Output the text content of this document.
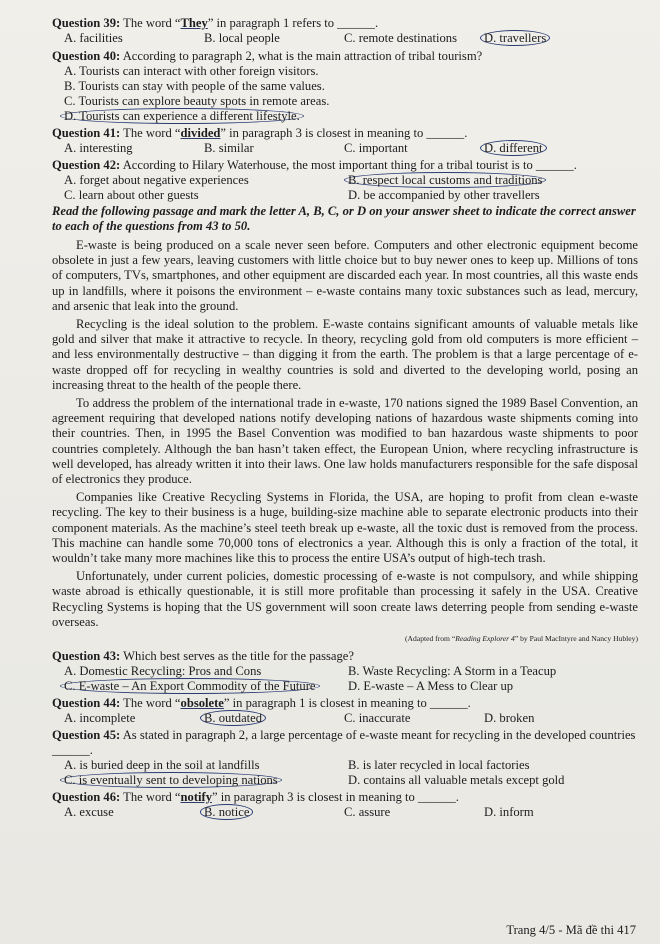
Question 39: The word “They” in paragraph 1 refers to ______.

A. facilities	B. local people	C. remote destinations	D. travellers

Question 40: According to paragraph 2, what is the main attraction of tribal tourism?

A. Tourists can interact with other foreign visitors.
B. Tourists can stay with people of the same values.
C. Tourists can explore beauty spots in remote areas.
D. Tourists can experience a different lifestyle.

Question 41: The word “divided” in paragraph 3 is closest in meaning to ______.

A. interesting	B. similar	C. important	D. different

Question 42: According to Hilary Waterhouse, the most important thing for a tribal tourist is to ______.

A. forget about negative experiences	B. respect local customs and traditions
C. learn about other guests	D. be accompanied by other travellers

Read the following passage and mark the letter A, B, C, or D on your answer sheet to indicate the correct answer to each of the questions from 43 to 50.

E-waste is being produced on a scale never seen before. Computers and other electronic equipment become obsolete in just a few years, leaving customers with little choice but to buy newer ones to keep up. Millions of tons of computers, TVs, smartphones, and other equipment are discarded each year. In most countries, all this waste ends up in landfills, where it poisons the environment – e-waste contains many toxic substances such as lead, mercury, and arsenic that leak into the ground.

Recycling is the ideal solution to the problem. E-waste contains significant amounts of valuable metals like gold and silver that make it attractive to recycle. In theory, recycling gold from old computers is more efficient – and less environmentally destructive – than digging it from the earth. The problem is that a large percentage of e-waste dropped off for recycling in wealthy countries is sold and diverted to the developing world, posing an increasing threat to the health of the people there.

To address the problem of the international trade in e-waste, 170 nations signed the 1989 Basel Convention, an agreement requiring that developed nations notify developing nations of hazardous waste shipments coming into their countries. Then, in 1995 the Basel Convention was modified to ban hazardous waste shipments to poor countries completely. Although the ban hasn’t taken effect, the European Union, where recycling infrastructure is well developed, has already written it into their laws. One law holds manufacturers responsible for the safe disposal of electronics they produce.

Companies like Creative Recycling Systems in Florida, the USA, are hoping to profit from clean e-waste recycling. The key to their business is a huge, building-size machine able to separate electronic products into their component materials. As the machine’s steel teeth break up e-waste, all the toxic dust is removed from the process. This machine can handle some 70,000 tons of electronics a year. Although this is only a fraction of the total, it wouldn’t take many more machines like this to process the entire USA’s output of high-tech trash.

Unfortunately, under current policies, domestic processing of e-waste is not compulsory, and while shipping waste abroad is ethically questionable, it is still more profitable than processing it safely in the USA. Creative Recycling Systems is hoping that the US government will soon create laws deterring people from sending e-waste overseas.

(Adapted from “Reading Explorer 4” by Paul MacIntyre and Nancy Hubley)

Question 43: Which best serves as the title for the passage?

A. Domestic Recycling: Pros and Cons	B. Waste Recycling: A Storm in a Teacup
C. E-waste – An Export Commodity of the Future	D. E-waste – A Mess to Clear up

Question 44: The word “obsolete” in paragraph 1 is closest in meaning to ______.

A. incomplete	B. outdated	C. inaccurate	D. broken

Question 45: As stated in paragraph 2, a large percentage of e-waste meant for recycling in the developed countries ______.

A. is buried deep in the soil at landfills	B. is later recycled in local factories
C. is eventually sent to developing nations	D. contains all valuable metals except gold

Question 46: The word “notify” in paragraph 3 is closest in meaning to ______.

A. excuse	B. notice	C. assure	D. inform
Trang 4/5 - Mã đề thi 417
